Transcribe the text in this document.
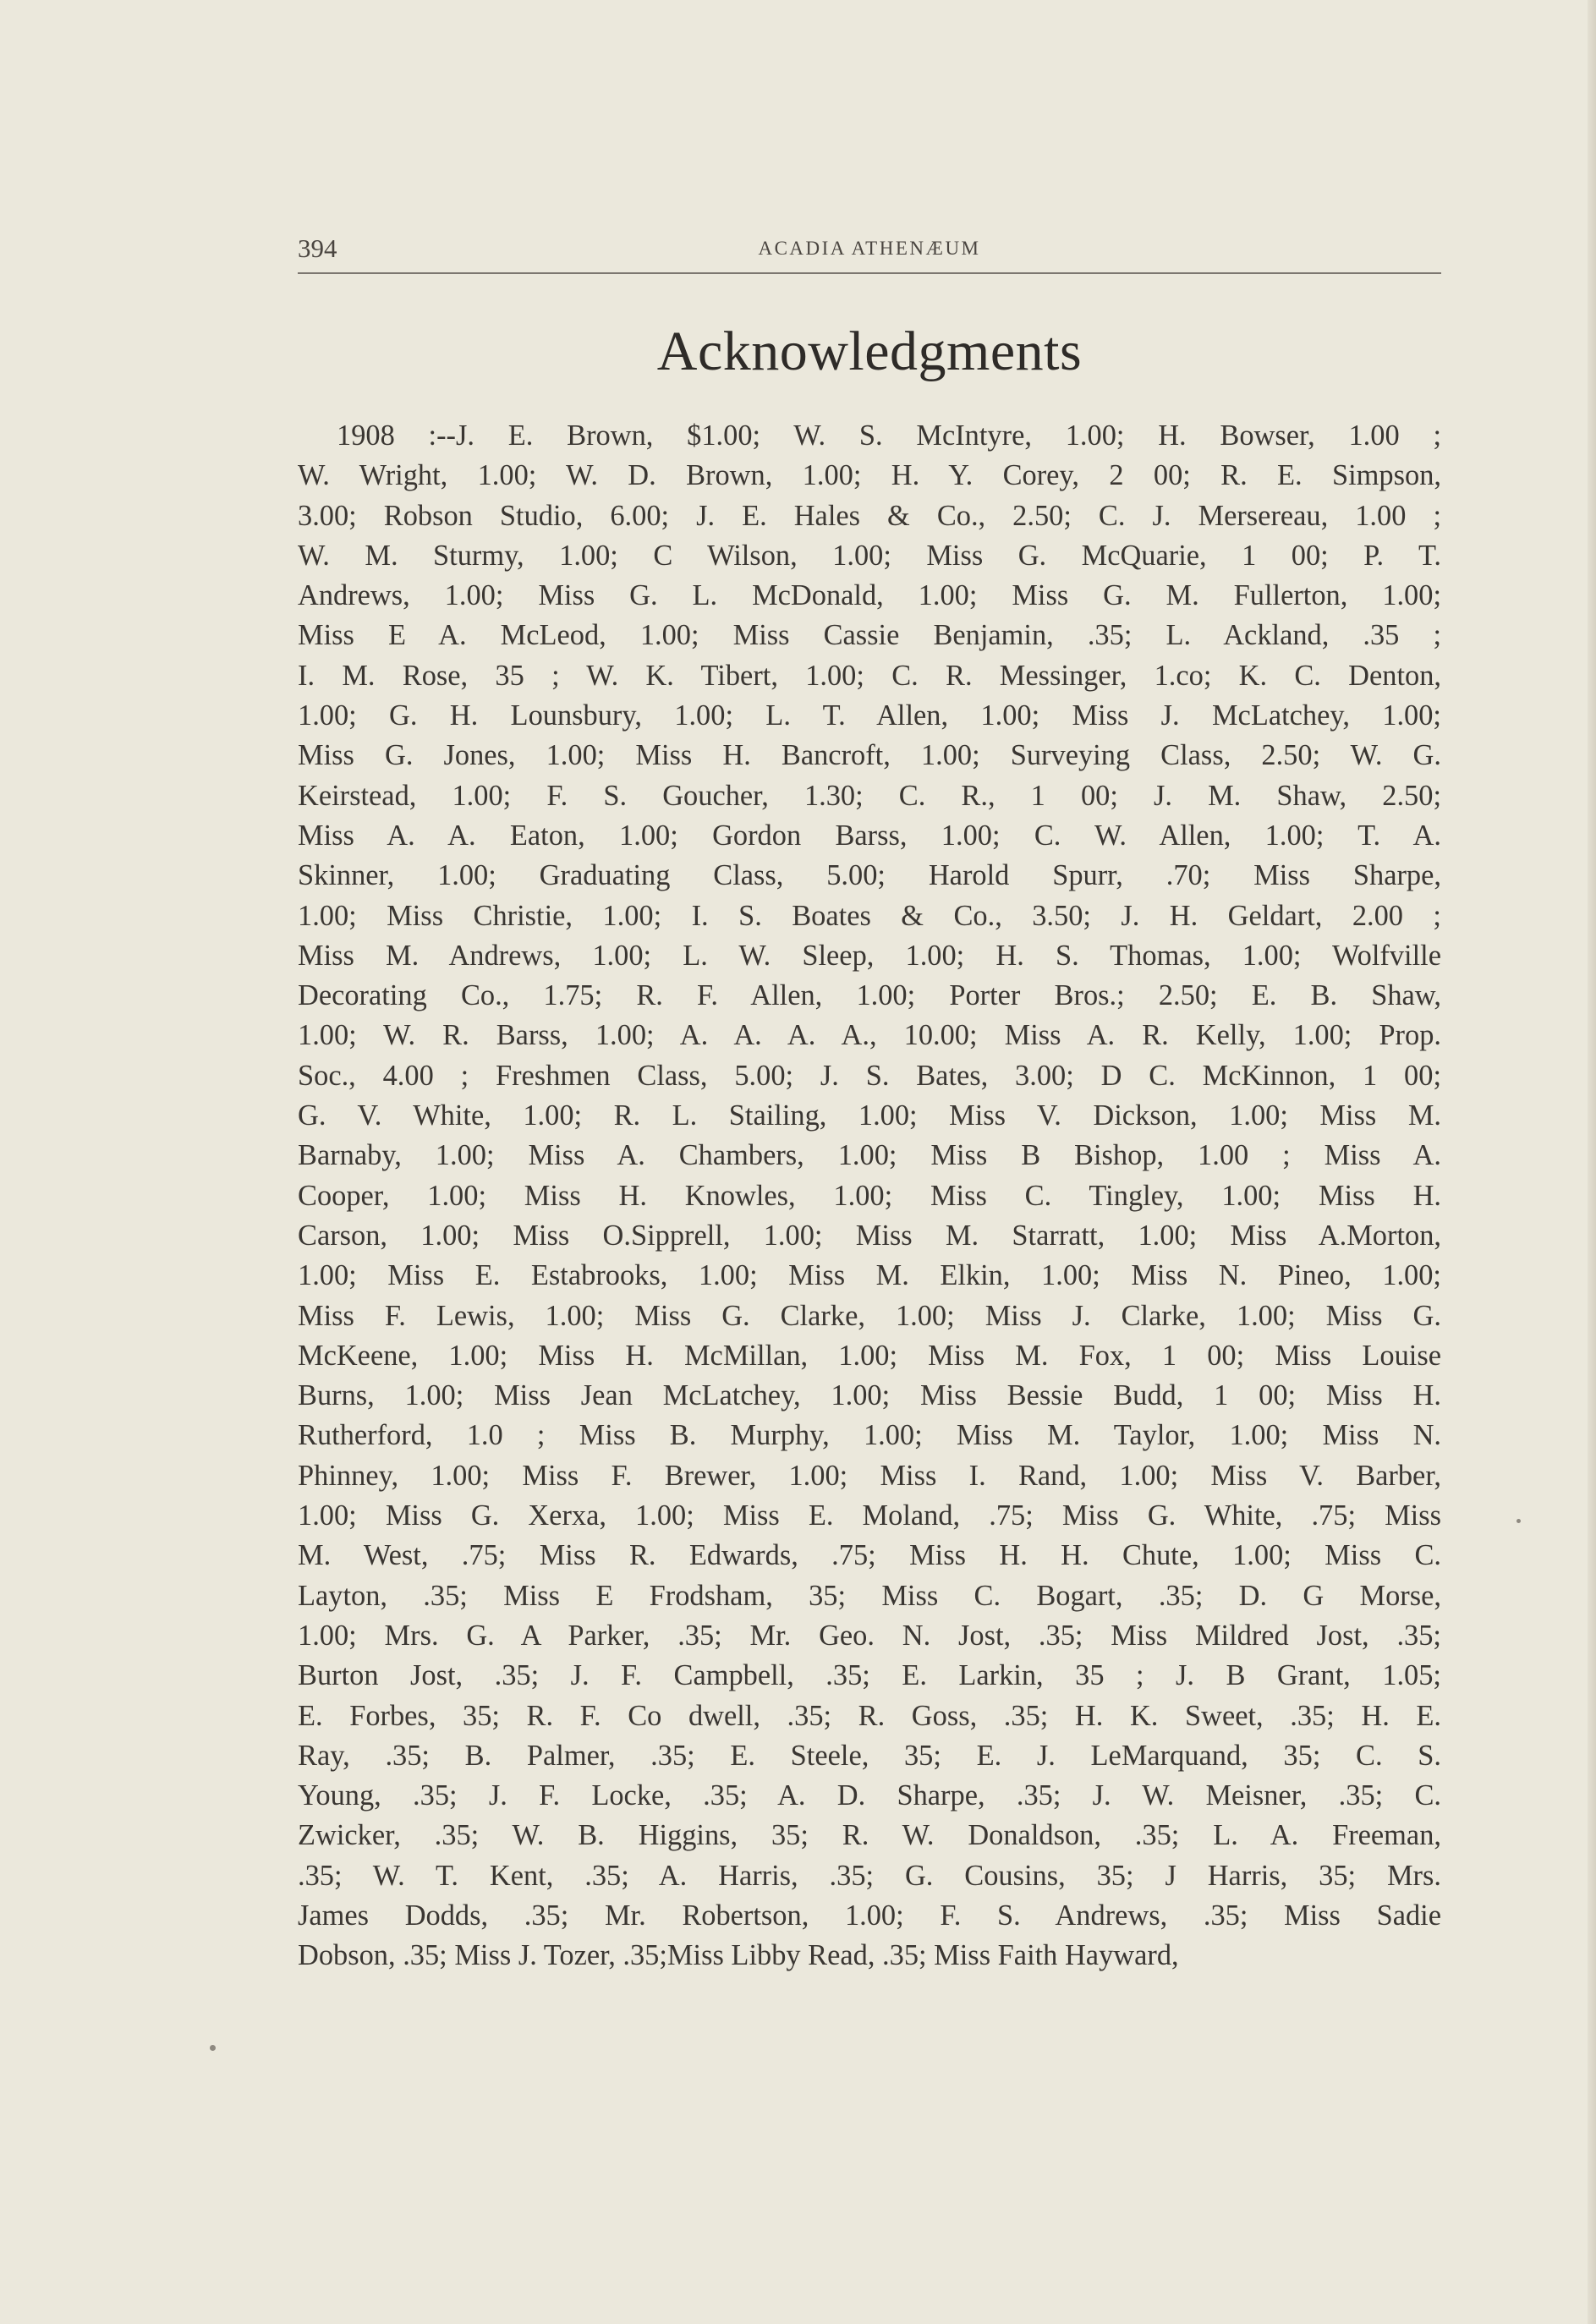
394	ACADIA ATHENÆUM
Acknowledgments
1908 :--J. E. Brown, $1.00; W. S. McIntyre, 1.00; H. Bowser, 1.00 ;
W. Wright, 1.00; W. D. Brown, 1.00; H. Y. Corey, 2 00; R. E. Simpson,
3.00; Robson Studio, 6.00; J. E. Hales & Co., 2.50; C. J. Mersereau, 1.00 ;
W. M. Sturmy, 1.00; C Wilson, 1.00; Miss G. McQuarie, 1 00; P. T.
Andrews, 1.00; Miss G. L. McDonald, 1.00; Miss G. M. Fullerton, 1.00;
Miss E A. McLeod, 1.00; Miss Cassie Benjamin, .35; L. Ackland, .35 ;
I. M. Rose, 35 ; W. K. Tibert, 1.00; C. R. Messinger, 1.co; K. C. Denton,
1.00; G. H. Lounsbury, 1.00; L. T. Allen, 1.00; Miss J. McLatchey, 1.00;
Miss G. Jones, 1.00; Miss H. Bancroft, 1.00; Surveying Class, 2.50; W. G.
Keirstead, 1.00; F. S. Goucher, 1.30; C. R., 1 00; J. M. Shaw, 2.50;
Miss A. A. Eaton, 1.00; Gordon Barss, 1.00; C. W. Allen, 1.00; T. A.
Skinner, 1.00; Graduating Class, 5.00; Harold Spurr, .70; Miss Sharpe,
1.00; Miss Christie, 1.00; I. S. Boates & Co., 3.50; J. H. Geldart, 2.00 ;
Miss M. Andrews, 1.00; L. W. Sleep, 1.00; H. S. Thomas, 1.00; Wolfville
Decorating Co., 1.75; R. F. Allen, 1.00; Porter Bros.; 2.50; E. B. Shaw,
1.00; W. R. Barss, 1.00; A. A. A. A., 10.00; Miss A. R. Kelly, 1.00; Prop.
Soc., 4.00 ; Freshmen Class, 5.00; J. S. Bates, 3.00; D C. McKinnon, 1 00;
G. V. White, 1.00; R. L. Stailing, 1.00; Miss V. Dickson, 1.00; Miss M.
Barnaby, 1.00; Miss A. Chambers, 1.00; Miss B Bishop, 1.00 ; Miss A.
Cooper, 1.00; Miss H. Knowles, 1.00; Miss C. Tingley, 1.00; Miss H.
Carson, 1.00; Miss O.Sipprell, 1.00; Miss M. Starratt, 1.00; Miss A.Morton,
1.00; Miss E. Estabrooks, 1.00; Miss M. Elkin, 1.00; Miss N. Pineo, 1.00;
Miss F. Lewis, 1.00; Miss G. Clarke, 1.00; Miss J. Clarke, 1.00; Miss G.
McKeene, 1.00; Miss H. McMillan, 1.00; Miss M. Fox, 1 00; Miss Louise
Burns, 1.00; Miss Jean McLatchey, 1.00; Miss Bessie Budd, 1 00; Miss H.
Rutherford, 1.0 ; Miss B. Murphy, 1.00; Miss M. Taylor, 1.00; Miss N.
Phinney, 1.00; Miss F. Brewer, 1.00; Miss I. Rand, 1.00; Miss V. Barber,
1.00; Miss G. Xerxa, 1.00; Miss E. Moland, .75; Miss G. White, .75; Miss
M. West, .75; Miss R. Edwards, .75; Miss H. H. Chute, 1.00; Miss C.
Layton, .35; Miss E Frodsham, 35; Miss C. Bogart, .35; D. G Morse,
1.00; Mrs. G. A Parker, .35; Mr. Geo. N. Jost, .35; Miss Mildred Jost, .35;
Burton Jost, .35; J. F. Campbell, .35; E. Larkin, 35 ; J. B Grant, 1.05;
E. Forbes, 35; R. F. Co dwell, .35; R. Goss, .35; H. K. Sweet, .35; H. E.
Ray, .35; B. Palmer, .35; E. Steele, 35; E. J. LeMarquand, 35; C. S.
Young, .35; J. F. Locke, .35; A. D. Sharpe, .35; J. W. Meisner, .35; C.
Zwicker, .35; W. B. Higgins, 35; R. W. Donaldson, .35; L. A. Freeman,
.35; W. T. Kent, .35; A. Harris, .35; G. Cousins, 35; J Harris, 35; Mrs.
James Dodds, .35; Mr. Robertson, 1.00; F. S. Andrews, .35; Miss Sadie
Dobson, .35; Miss J. Tozer, .35;Miss Libby Read, .35; Miss Faith Hayward,
